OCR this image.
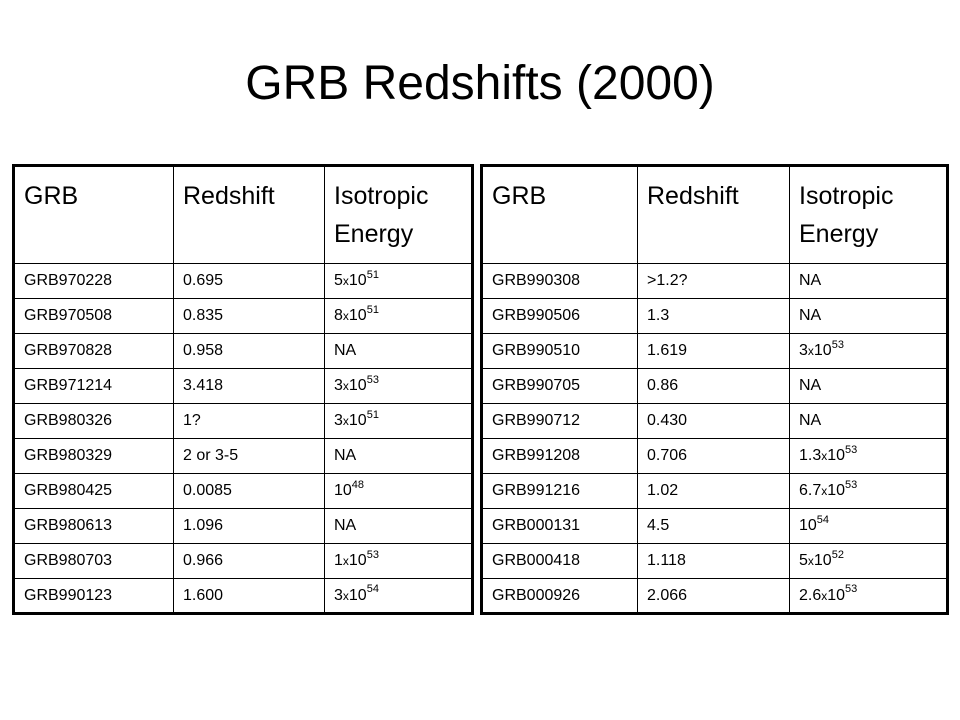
GRB Redshifts (2000)
GRB	Redshift	Isotropic
Energy

GRB970228	0.695	$5x10^{51}$
GRB970508	0.835	$8x10^{51}$
GRB970828	0.958	NA
GRB971214	3.418	$3x10^{53}$
GRB980326	1?	$3x10^{51}$
GRB980329	2 or 3-5	NA
GRB980425	0.0085	$10^{48}$
GRB980613	1.096	NA
GRB980703	0.966	$1x10^{53}$
GRB990123	1.600	$3x10^{54}$
GRB	Redshift	Isotropic
Energy

GRB990308	>1.2?	NA
GRB990506	1.3	NA
GRB990510	1.619	$3x10^{53}$
GRB990705	0.86	NA
GRB990712	0.430	NA
GRB991208	0.706	$1.3x10^{53}$
GRB991216	1.02	$6.7x10^{53}$
GRB000131	4.5	$10^{54}$
GRB000418	1.118	$5x10^{52}$
GRB000926	2.066	$2.6x10^{53}$
